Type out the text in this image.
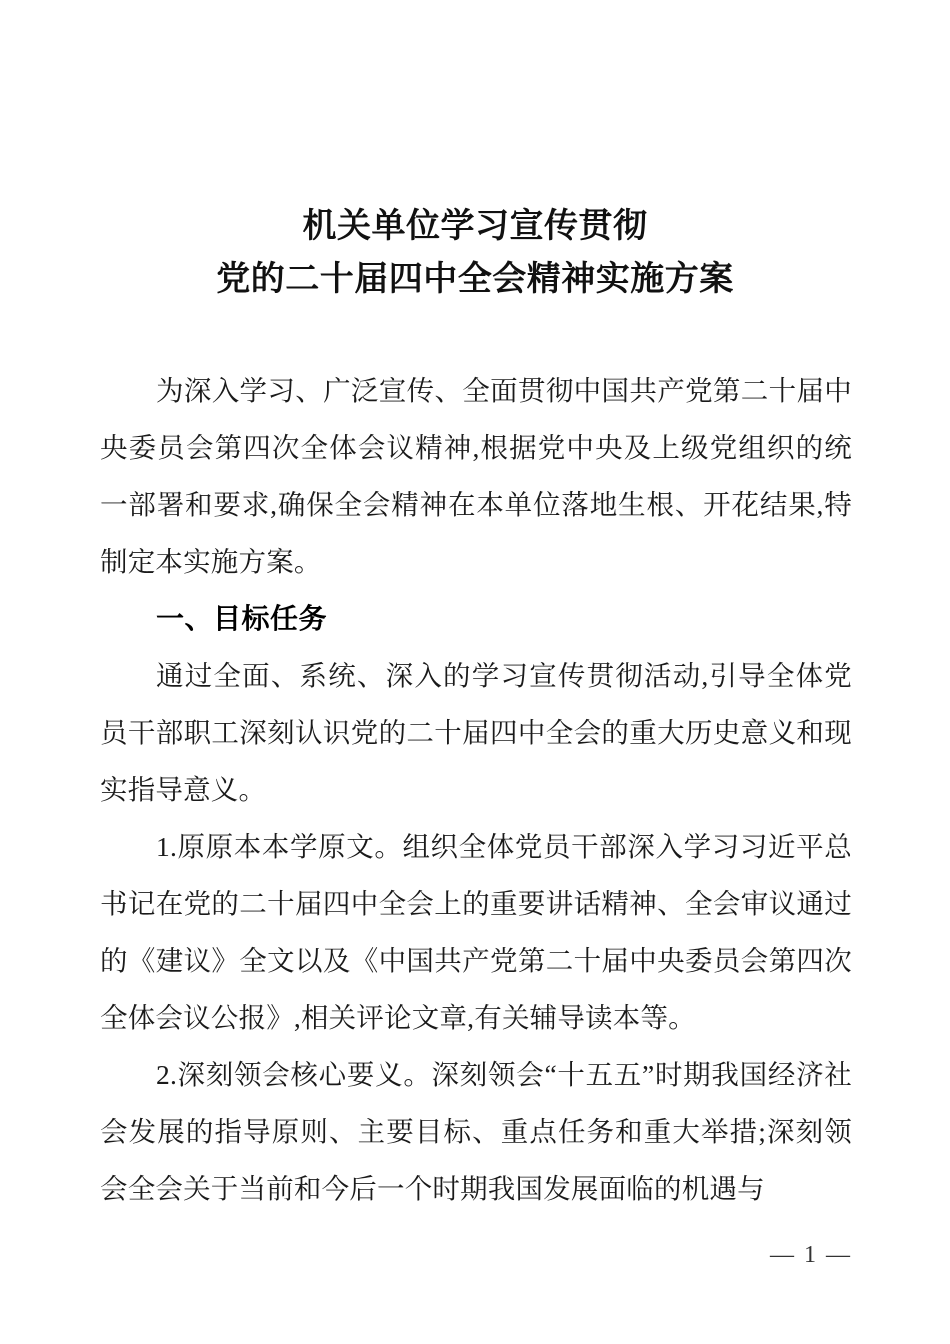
机关单位学习宣传贯彻
党的二十届四中全会精神实施方案

为深入学习、广泛宣传、全面贯彻中国共产党第二十届中央委员会第四次全体会议精神,根据党中央及上级党组织的统一部署和要求,确保全会精神在本单位落地生根、开花结果,特制定本实施方案。

一、目标任务

通过全面、系统、深入的学习宣传贯彻活动,引导全体党员干部职工深刻认识党的二十届四中全会的重大历史意义和现实指导意义。

1.原原本本学原文。组织全体党员干部深入学习习近平总书记在党的二十届四中全会上的重要讲话精神、全会审议通过的《建议》全文以及《中国共产党第二十届中央委员会第四次全体会议公报》,相关评论文章,有关辅导读本等。

2.深刻领会核心要义。深刻领会“十五五”时期我国经济社会发展的指导原则、主要目标、重点任务和重大举措;深刻领会全会关于当前和今后一个时期我国发展面临的机遇与

— 1 —
